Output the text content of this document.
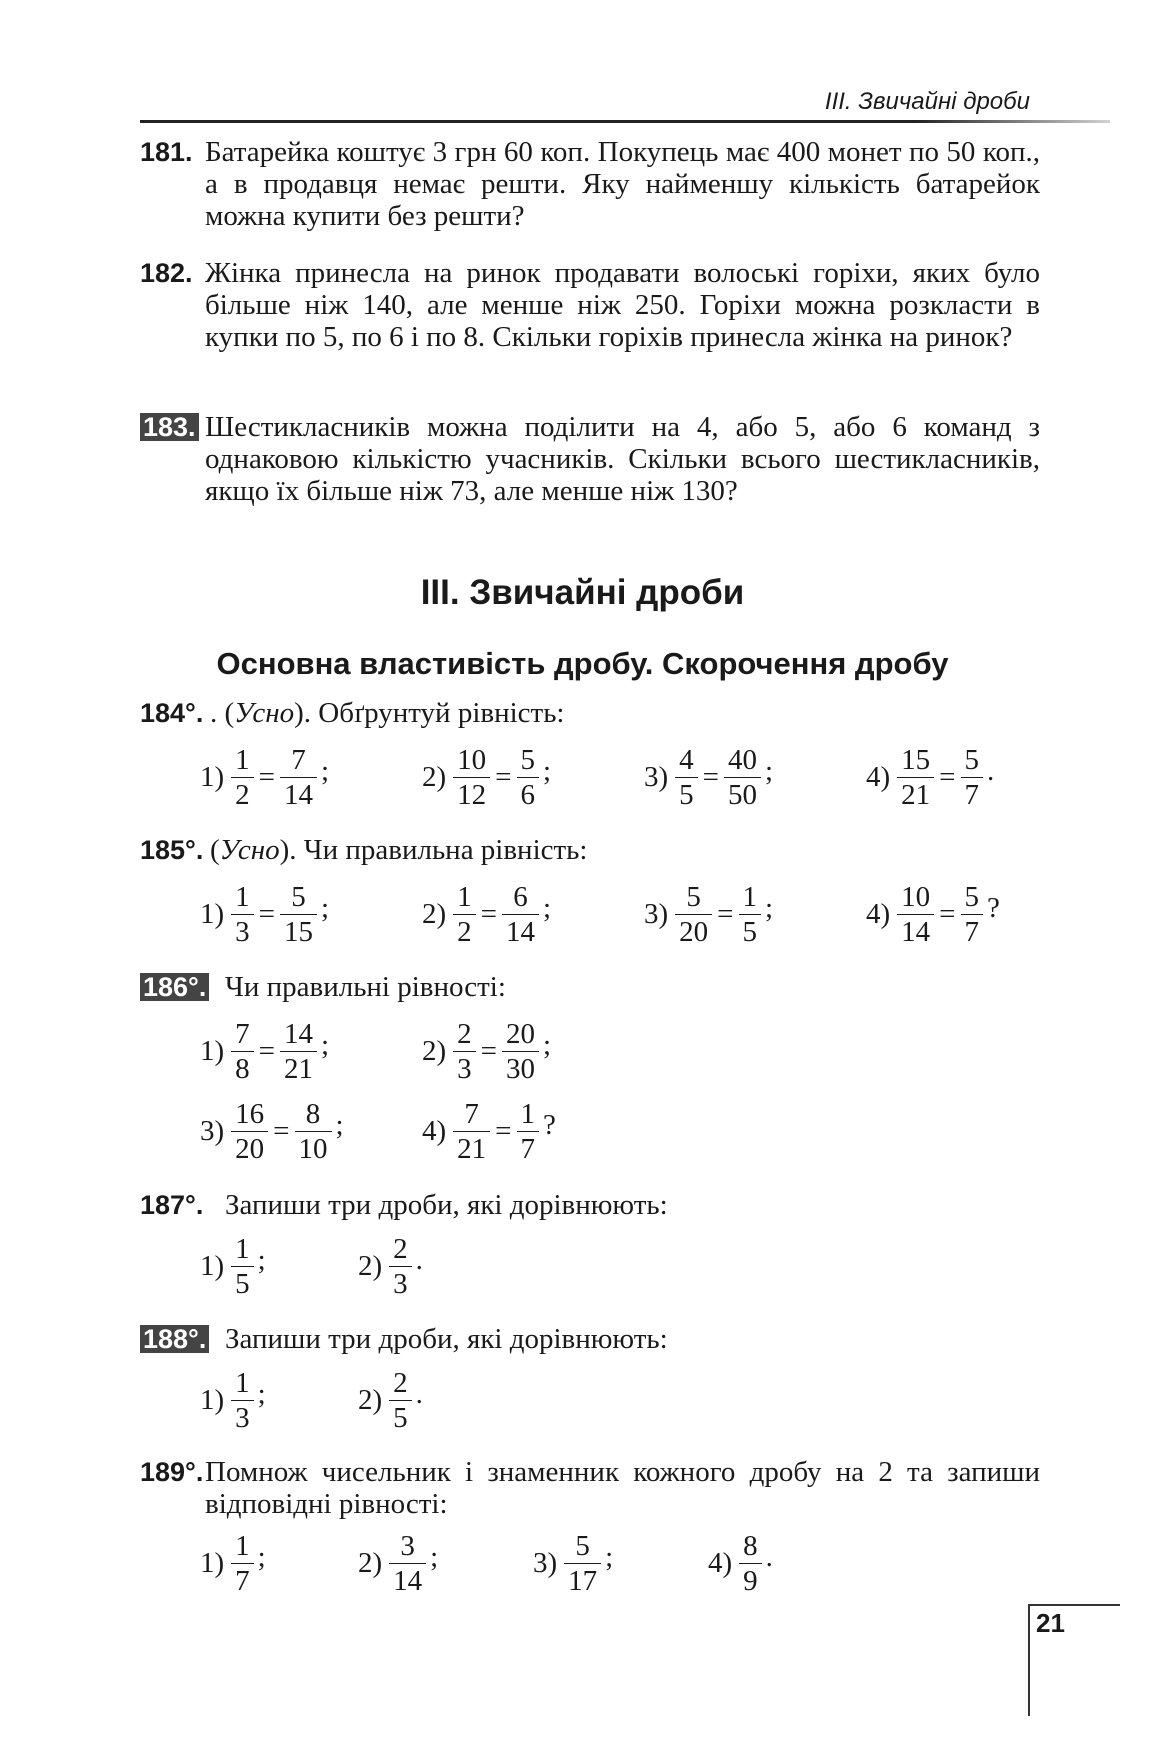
III. Звичайні дроби
181. Батарейка коштує 3 грн 60 коп. Покупець має 400 монет по 50 коп., а в продавця немає решти. Яку найменшу кількість батарейок можна купити без решти?
182. Жінка принесла на ринок продавати волоські горіхи, яких було більше ніж 140, але менше ніж 250. Горіхи можна розкласти в купки по 5, по 6 і по 8. Скільки горіхів принесла жінка на ринок?
183. Шестикласників можна поділити на 4, або 5, або 6 команд з однаковою кількістю учасників. Скільки всього шестикласників, якщо їх більше ніж 73, але менше ніж 130?
III. Звичайні дроби
Основна властивість дробу. Скорочення дробу
184°. . (Усно). Обґрунтуй рівність:
$1) \frac{1}{2} = \frac{7}{14}$ ;	$2) \frac{10}{12} = \frac{5}{6}$ ;	$3) \frac{4}{5} = \frac{40}{50}$ ;	$4) \frac{15}{21} = \frac{5}{7}$ .
185°. (Усно). Чи правильна рівність:
$1) \frac{1}{3} = \frac{5}{15}$ ;	$2) \frac{1}{2} = \frac{6}{14}$ ;	$3) \frac{5}{20} = \frac{1}{5}$ ;	$4) \frac{10}{14} = \frac{5}{7}$ ?
186°. Чи правильні рівності:
$1) \frac{7}{8} = \frac{14}{21}$ ;	$2) \frac{2}{3} = \frac{20}{30}$ ;
$3) \frac{16}{20} = \frac{8}{10}$ ;	$4) \frac{7}{21} = \frac{1}{7}$ ?
187°. Запиши три дроби, які дорівнюють:
$1) \frac{1}{5}$ ;	$2) \frac{2}{3}$ .
188°. Запиши три дроби, які дорівнюють:
$1) \frac{1}{3}$ ;	$2) \frac{2}{5}$ .
189°. Помнож чисельник і знаменник кожного дробу на 2 та запиши відповідні рівності:
$1) \frac{1}{7}$ ;	$2) \frac{3}{14}$ ;	$3) \frac{5}{17}$ ;	$4) \frac{8}{9}$ .
21
